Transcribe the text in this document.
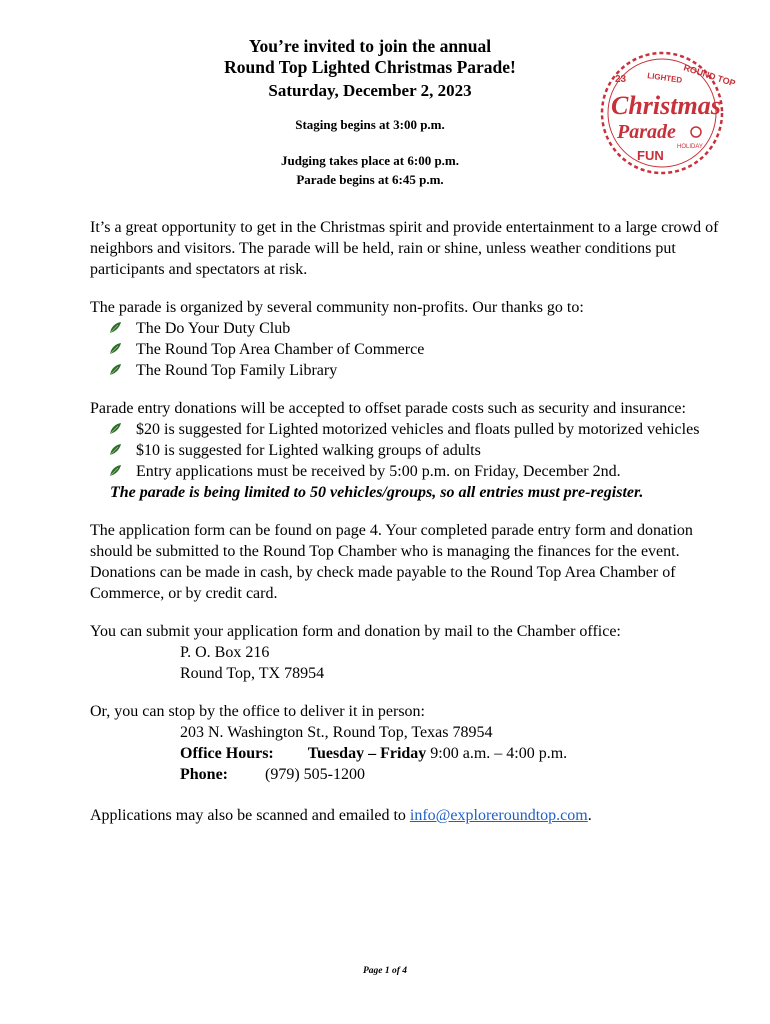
You’re invited to join the annual
Round Top Lighted Christmas Parade!
Saturday, December 2, 2023
Staging begins at 3:00 p.m.
Judging takes place at 6:00 p.m.
Parade begins at 6:45 p.m.
ROUND TOP
23	LIGHTED
Christmas
Parade
HOLIDAY
FUN

It’s a great opportunity to get in the Christmas spirit and provide entertainment to a large crowd of neighbors and visitors. The parade will be held, rain or shine, unless weather conditions put participants and spectators at risk.

The parade is organized by several community non-profits. Our thanks go to:

The Do Your Duty Club
The Round Top Area Chamber of Commerce
The Round Top Family Library

Parade entry donations will be accepted to offset parade costs such as security and insurance:

$20 is suggested for Lighted motorized vehicles and floats pulled by motorized vehicles
$10 is suggested for Lighted walking groups of adults
Entry applications must be received by 5:00 p.m. on Friday, December 2nd.

The parade is being limited to 50 vehicles/groups, so all entries must pre-register.

The application form can be found on page 4. Your completed parade entry form and donation should be submitted to the Round Top Chamber who is managing the finances for the event. Donations can be made in cash, by check made payable to the Round Top Area Chamber of Commerce, or by credit card.

You can submit your application form and donation by mail to the Chamber office:

P. O. Box 216

Round Top, TX 78954

Or, you can stop by the office to deliver it in person:

203 N. Washington St., Round Top, Texas 78954

Office Hours: Tuesday – Friday 9:00 a.m. – 4:00 p.m.

Phone: (979) 505-1200

Applications may also be scanned and emailed to info@exploreroundtop.com.

Page 1 of 4
